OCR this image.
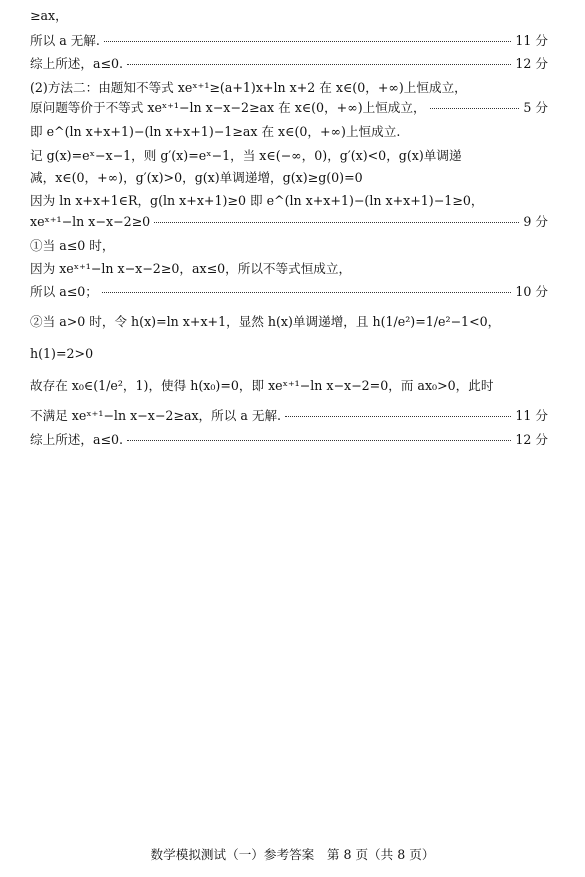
≥ax，
所以 a 无解.	11 分
综上所述，a≤0.	12 分
(2)方法二：由题知不等式 xeˣ⁺¹≥(a+1)x+ln x+2 在 x∈(0，+∞)上恒成立，
原问题等价于不等式 xeˣ⁺¹−ln x−x−2≥ax 在 x∈(0，+∞)上恒成立，	5 分
即 e^(ln x+x+1)−(ln x+x+1)−1≥ax 在 x∈(0，+∞)上恒成立.
记 g(x)=eˣ−x−1，则 g′(x)=eˣ−1，当 x∈(−∞，0)，g′(x)<0，g(x)单调递
减，x∈(0，+∞)，g′(x)>0，g(x)单调递增，g(x)≥g(0)=0
因为 ln x+x+1∈R，g(ln x+x+1)≥0 即 e^(ln x+x+1)−(ln x+x+1)−1≥0，
xeˣ⁺¹−ln x−x−2≥0	9 分
①当 a≤0 时，
因为 xeˣ⁺¹−ln x−x−2≥0，ax≤0，所以不等式恒成立，
所以 a≤0；	10 分
②当 a>0 时，令 h(x)=ln x+x+1，显然 h(x)单调递增，且 h(1/e²)=1/e²−1<0，
h(1)=2>0
故存在 x₀∈(1/e²，1)，使得 h(x₀)=0，即 xeˣ⁺¹−ln x−x−2=0，而 ax₀>0，此时
不满足 xeˣ⁺¹−ln x−x−2≥ax，所以 a 无解.	11 分
综上所述，a≤0.	12 分
数学模拟测试（一）参考答案　第 8 页（共 8 页）
